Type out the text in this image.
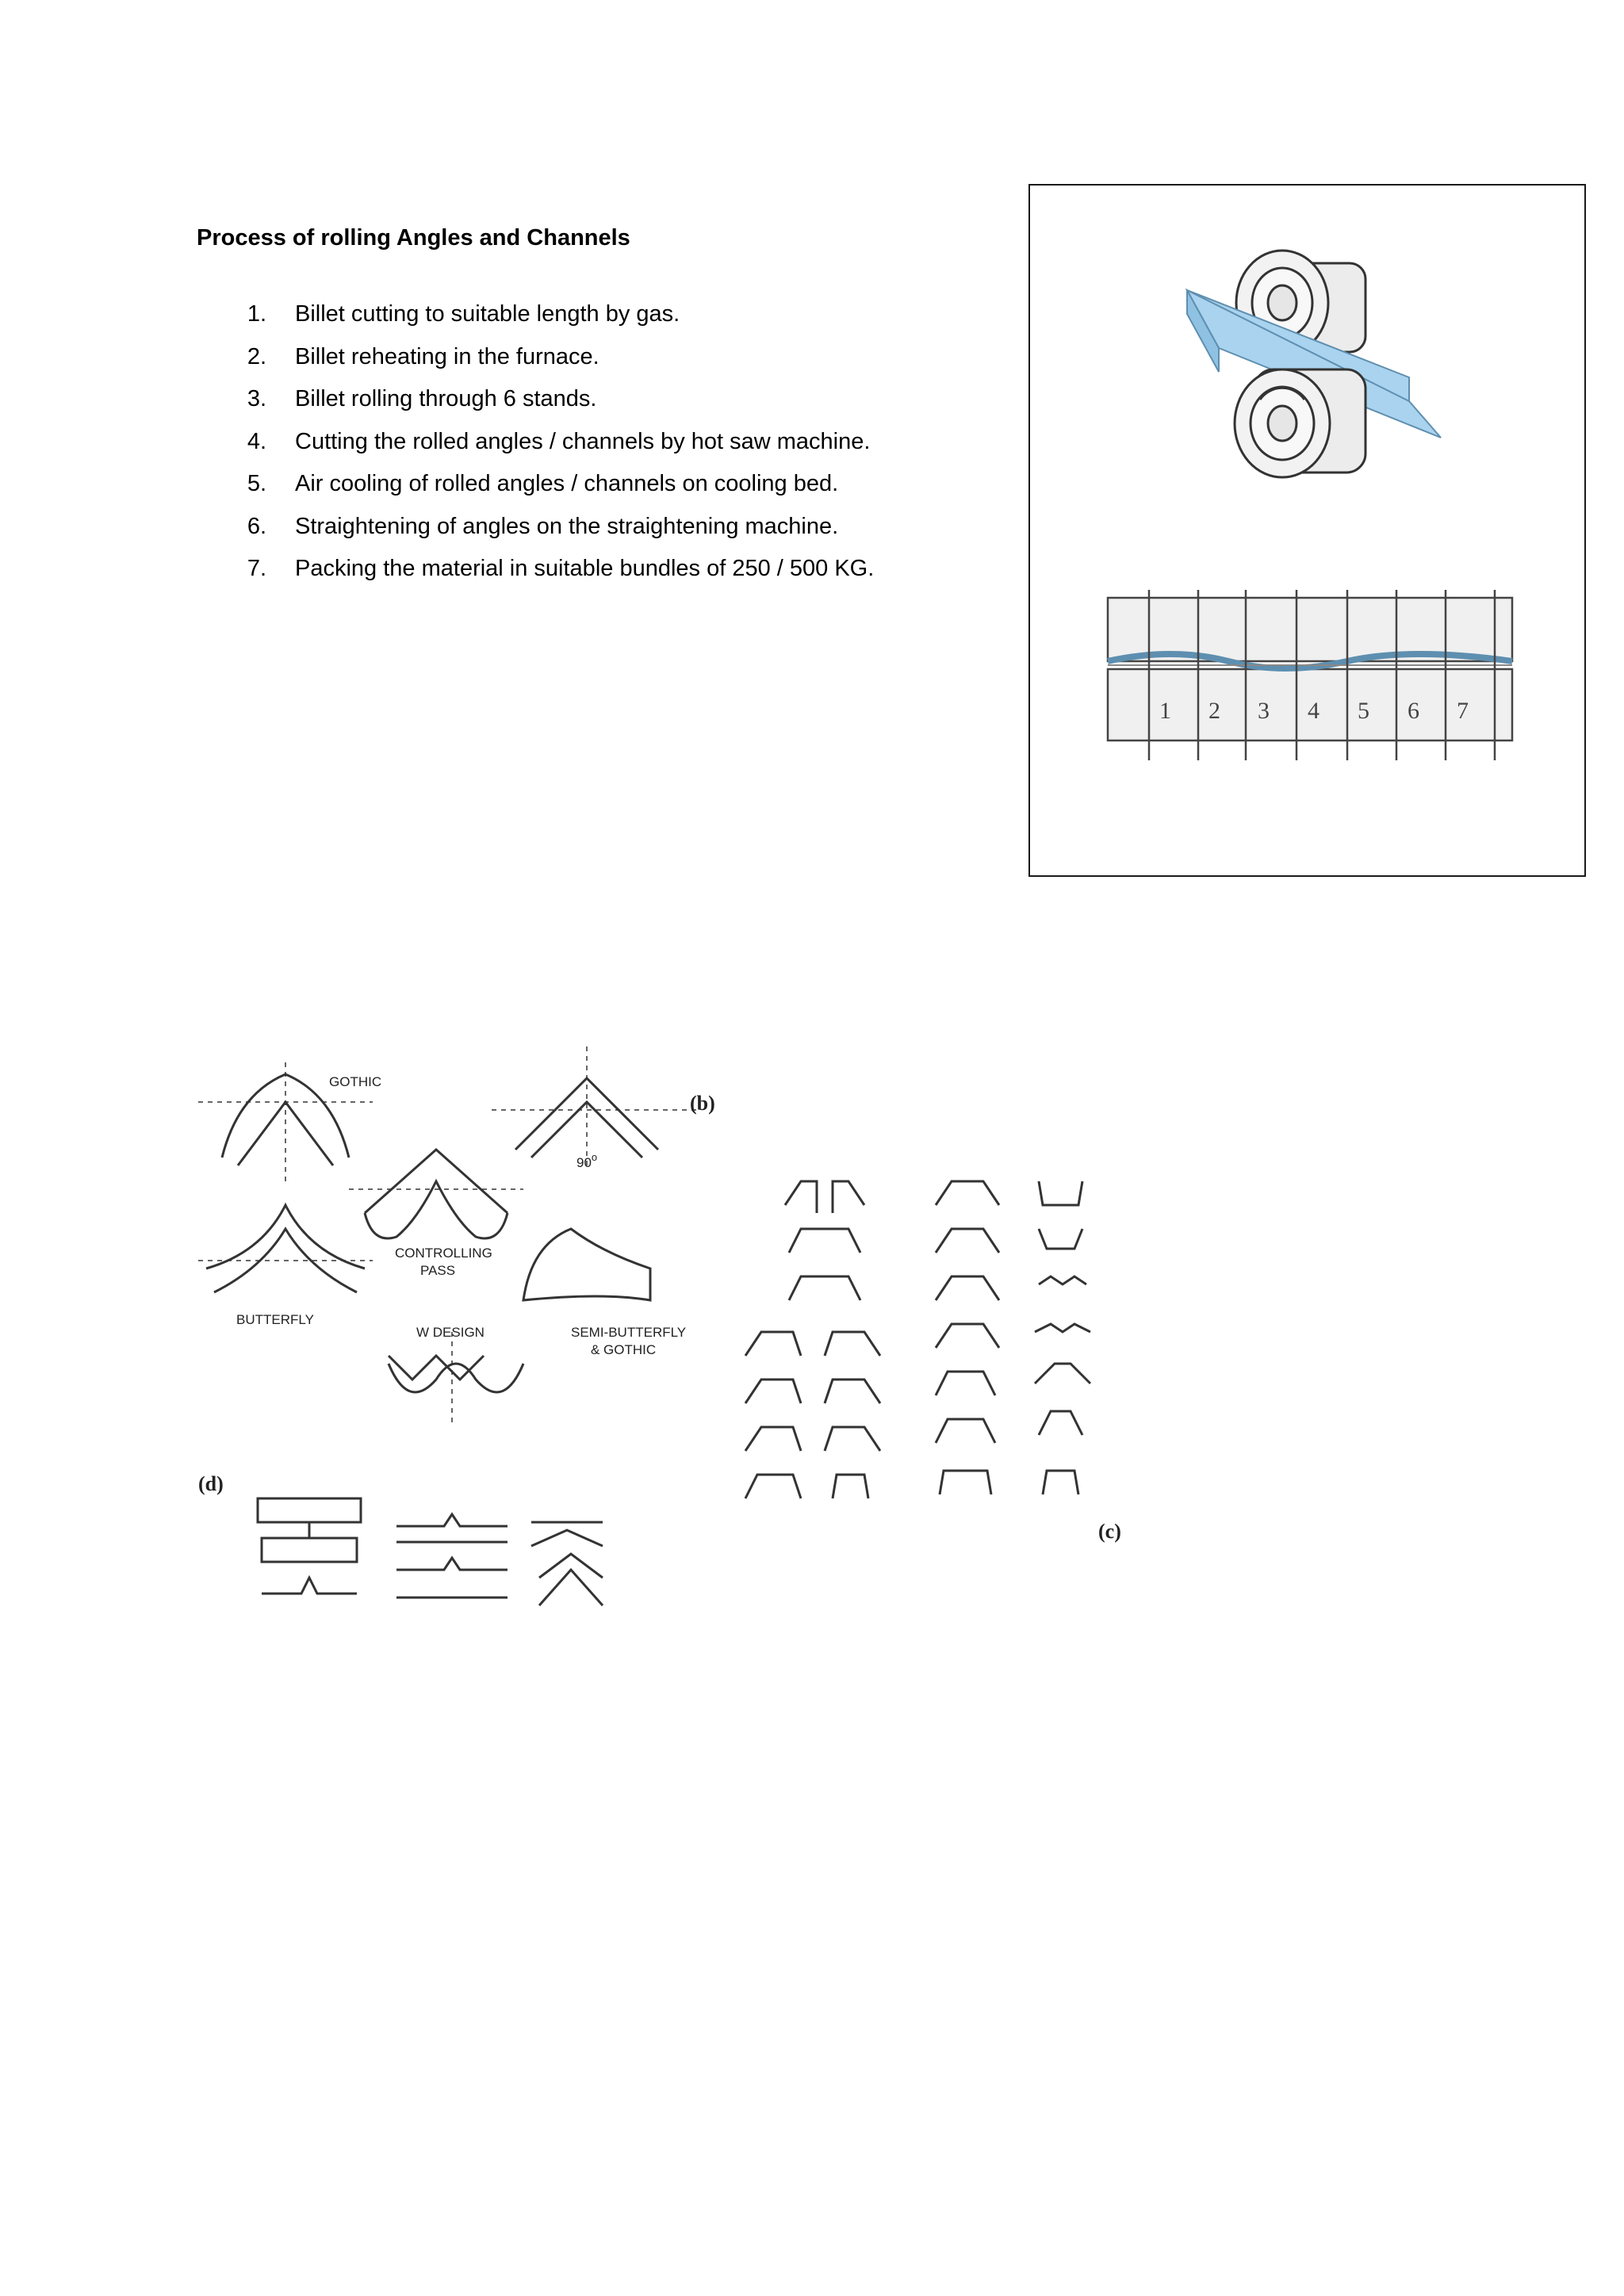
Process of rolling Angles and Channels
1. Billet cutting to suitable length by gas.
2. Billet reheating in the furnace.
3. Billet rolling through 6 stands.
4. Cutting the rolled angles / channels by hot saw machine.
5. Air cooling of rolled angles / channels on cooling bed.
6. Straightening of angles on the straightening machine.
7. Packing the material in suitable bundles of 250 / 500 KG.
1 2 3 4 5 6 7
GOTHIC
(b)
90$^o$
CONTROLLING
PASS
BUTTERFLY
W DESIGN	SEMI-BUTTERFLY
& GOTHIC
(d)
(c)
